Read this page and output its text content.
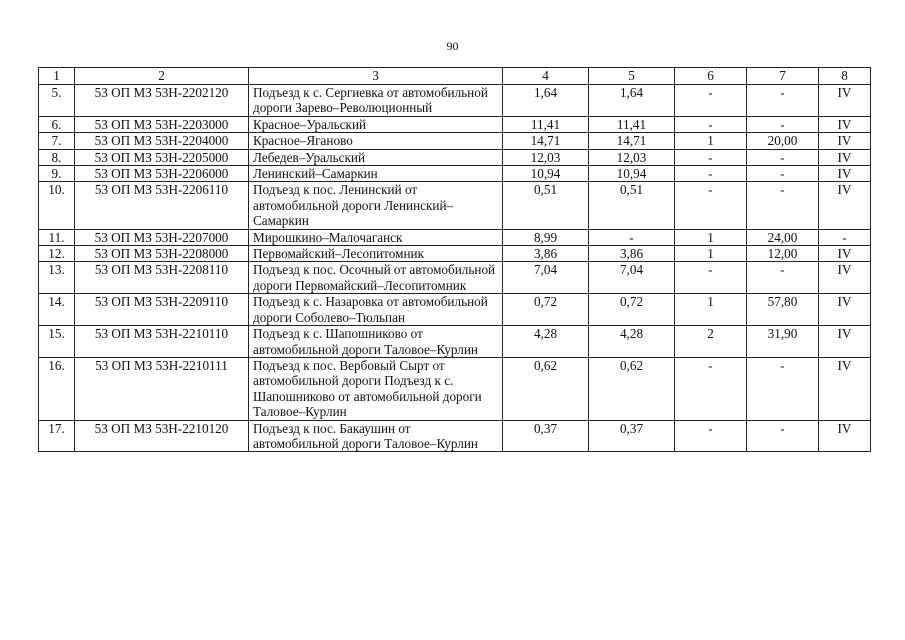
90
1	2	3	4	5	6	7	8
5.	53 ОП МЗ 53Н-2202120	Подъезд к с. Сергиевка от автомобильной дороги Зарево–Революционный	1,64	1,64	-	-	IV
6.	53 ОП МЗ 53Н-2203000	Красное–Уральский	11,41	11,41	-	-	IV
7.	53 ОП МЗ 53Н-2204000	Красное–Яганово	14,71	14,71	1	20,00	IV
8.	53 ОП МЗ 53Н-2205000	Лебедев–Уральский	12,03	12,03	-	-	IV
9.	53 ОП МЗ 53Н-2206000	Ленинский–Самаркин	10,94	10,94	-	-	IV
10.	53 ОП МЗ 53Н-2206110	Подъезд к пос. Ленинский от автомобильной дороги Ленинский–Самаркин	0,51	0,51	-	-	IV
11.	53 ОП МЗ 53Н-2207000	Мирошкино–Малочаганск	8,99	-	1	24,00	-
12.	53 ОП МЗ 53Н-2208000	Первомайский–Лесопитомник	3,86	3,86	1	12,00	IV
13.	53 ОП МЗ 53Н-2208110	Подъезд к пос. Осочный от автомобильной дороги Первомайский–Лесопитомник	7,04	7,04	-	-	IV
14.	53 ОП МЗ 53Н-2209110	Подъезд к с. Назаровка от автомобильной дороги Соболево–Тюльпан	0,72	0,72	1	57,80	IV
15.	53 ОП МЗ 53Н-2210110	Подъезд к с. Шапошниково от автомобильной дороги Таловое–Курлин	4,28	4,28	2	31,90	IV
16.	53 ОП МЗ 53Н-2210111	Подъезд к пос. Вербовый Сырт от автомобильной дороги Подъезд к с. Шапошниково от автомобильной дороги Таловое–Курлин	0,62	0,62	-	-	IV
17.	53 ОП МЗ 53Н-2210120	Подъезд к пос. Бакаушин от автомобильной дороги Таловое–Курлин	0,37	0,37	-	-	IV
